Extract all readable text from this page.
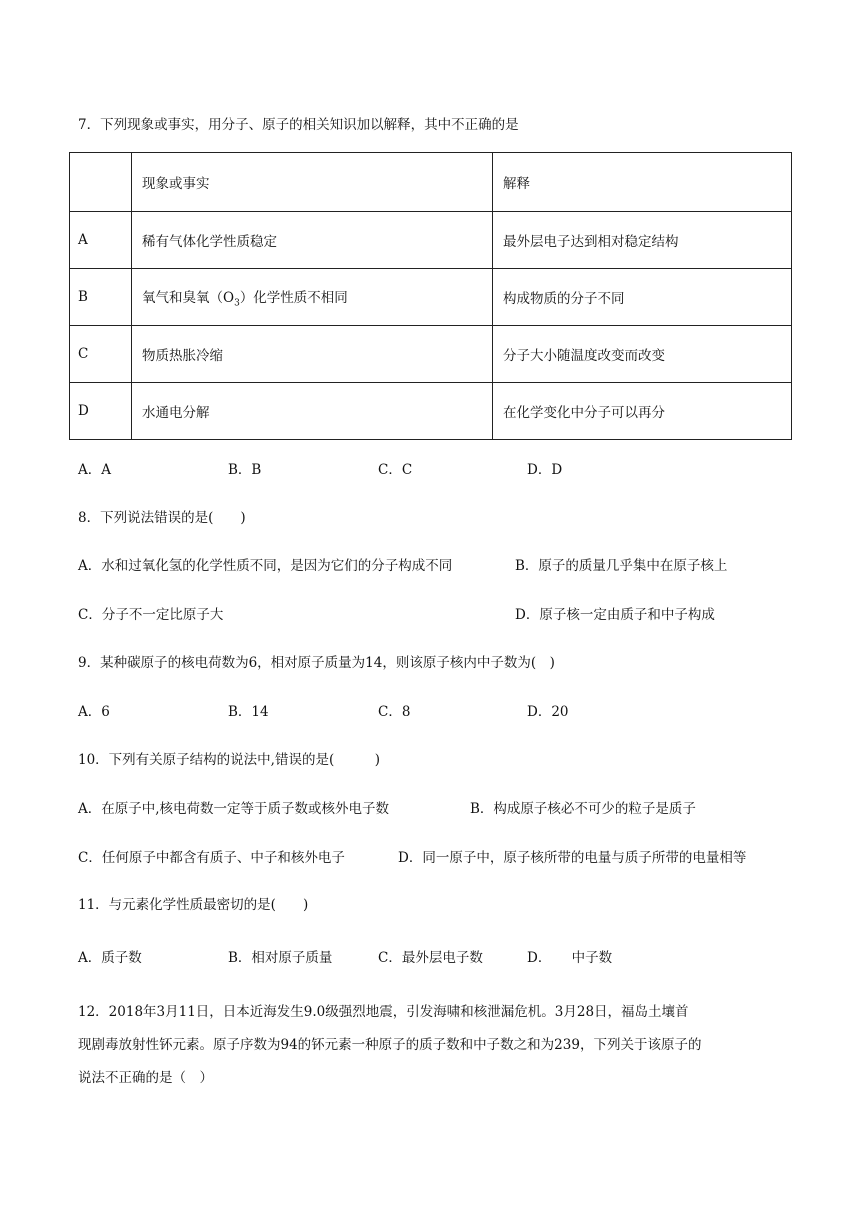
7．下列现象或事实，用分子、原子的相关知识加以解释，其中不正确的是
	现象或事实	解释
A	稀有气体化学性质稳定	最外层电子达到相对稳定结构
B	氧气和臭氧$(O_3)$化学性质不相同	构成物质的分子不同
C	物质热胀冷缩	分子大小随温度改变而改变
D	水通电分解	在化学变化中分子可以再分
A．A	B．B	C．C	D．D
8．下列说法错误的是(　　)
A．水和过氧化氢的化学性质不同，是因为它们的分子构成不同	B．原子的质量几乎集中在原子核上
C．分子不一定比原子大	D．原子核一定由质子和中子构成
9．某种碳原子的核电荷数为6，相对原子质量为14，则该原子核内中子数为(　)
A．6	B．14	C．8	D．20
10．下列有关原子结构的说法中,错误的是(　　　)
A．在原子中,核电荷数一定等于质子数或核外电子数	B．构成原子核必不可少的粒子是质子
C．任何原子中都含有质子、中子和核外电子	D．同一原子中，原子核所带的电量与质子所带的电量相等
11．与元素化学性质最密切的是(　　)
A．质子数	B．相对原子质量	C．最外层电子数	D．　　中子数
12．2018年3月11日，日本近海发生9.0级强烈地震，引发海啸和核泄漏危机。3月28日，福岛土壤首
现剧毒放射性钚元素。原子序数为94的钚元素一种原子的质子数和中子数之和为239，下列关于该原子的
说法不正确的是（　）
